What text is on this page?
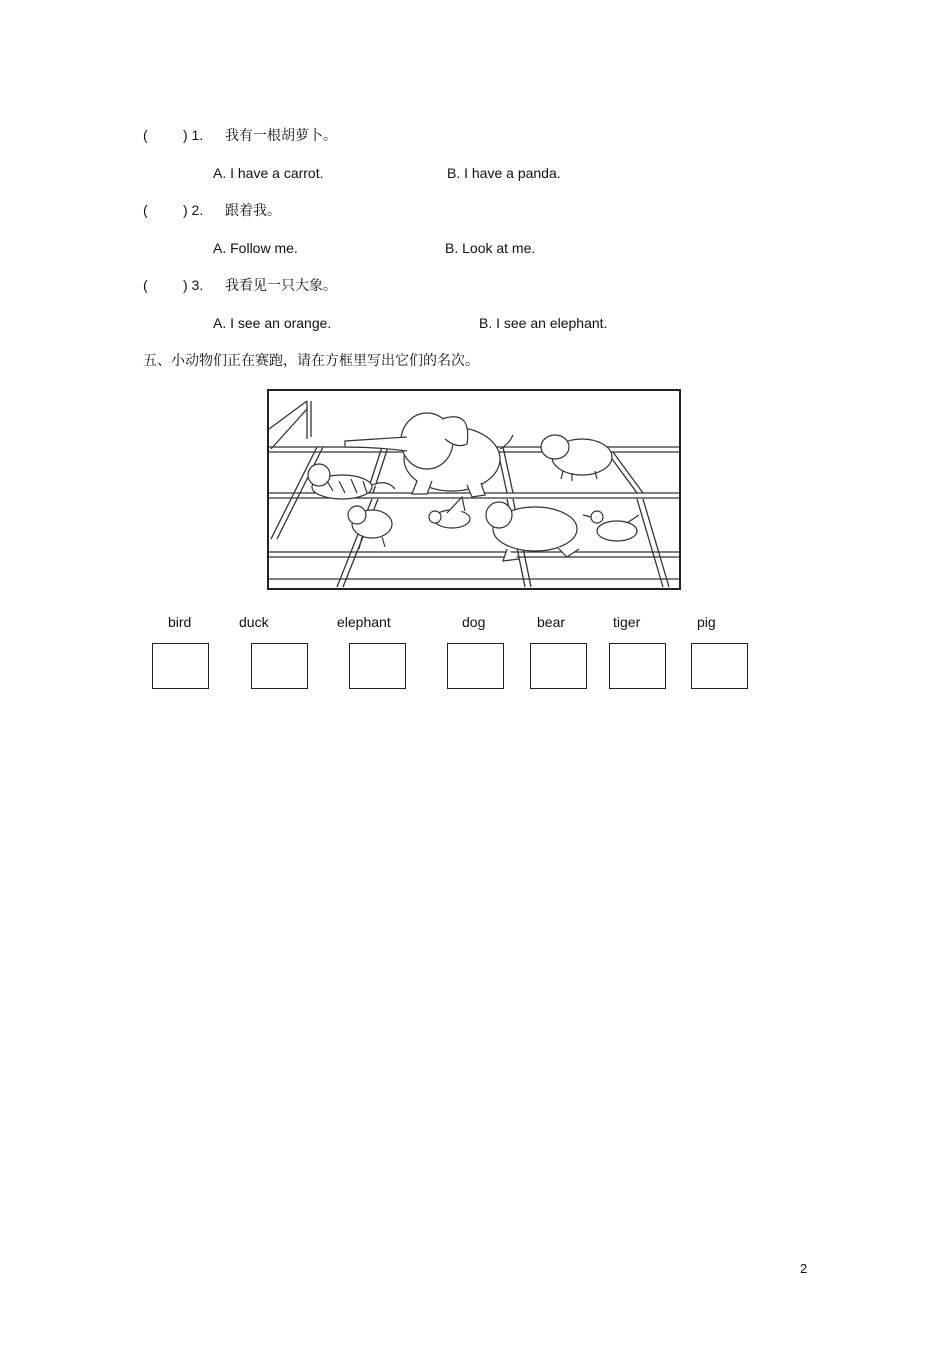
(	) 1. 我有一根胡萝卜。
A. I have a carrot.	B. I have a panda.
(	) 2. 跟着我。
A. Follow me.	B. Look at me.
(	) 3. 我看见一只大象。
A. I see an orange.	B. I see an elephant.
五、小动物们正在赛跑，请在方框里写出它们的名次。
bird	duck	elephant	dog	bear	tiger	pig
2
